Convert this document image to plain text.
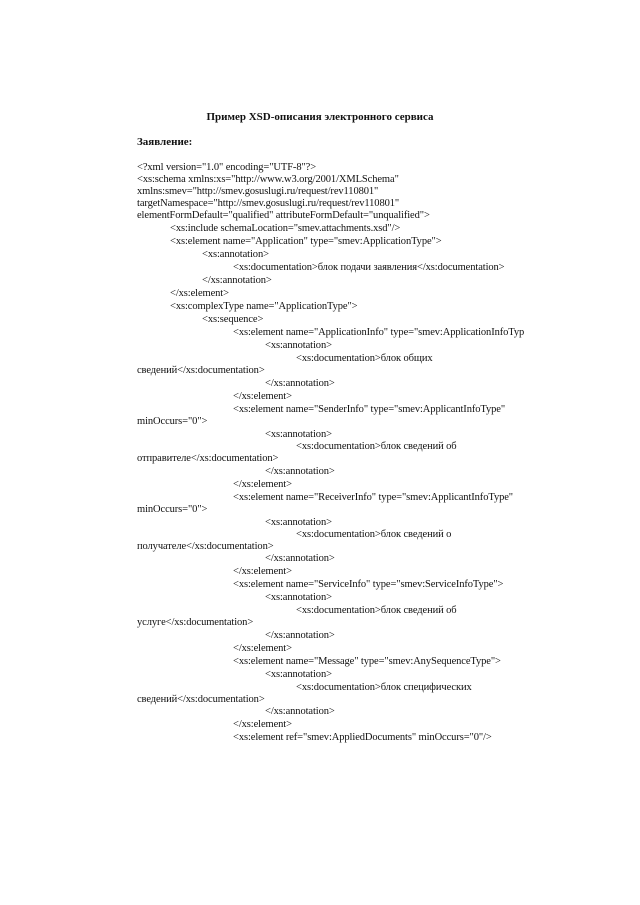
Пример XSD-описания электронного сервиса
Заявление:
<?xml version="1.0" encoding="UTF-8"?>
<xs:schema xmlns:xs="http://www.w3.org/2001/XMLSchema"
xmlns:smev="http://smev.gosuslugi.ru/request/rev110801"
targetNamespace="http://smev.gosuslugi.ru/request/rev110801"
elementFormDefault="qualified" attributeFormDefault="unqualified">
<xs:include schemaLocation="smev.attachments.xsd"/>
<xs:element name="Application" type="smev:ApplicationType">
<xs:annotation>
<xs:documentation>блок подачи заявления</xs:documentation>
</xs:annotation>
</xs:element>
<xs:complexType name="ApplicationType">
<xs:sequence>
<xs:element name="ApplicationInfo" type="smev:ApplicationInfoTyp
<xs:annotation>
<xs:documentation>блок общих
сведений</xs:documentation>
</xs:annotation>
</xs:element>
<xs:element name="SenderInfo" type="smev:ApplicantInfoType"
minOccurs="0">
<xs:annotation>
<xs:documentation>блок сведений об
отправителе</xs:documentation>
</xs:annotation>
</xs:element>
<xs:element name="ReceiverInfo" type="smev:ApplicantInfoType"
minOccurs="0">
<xs:annotation>
<xs:documentation>блок сведений о
получателе</xs:documentation>
</xs:annotation>
</xs:element>
<xs:element name="ServiceInfo" type="smev:ServiceInfoType">
<xs:annotation>
<xs:documentation>блок сведений об
услуге</xs:documentation>
</xs:annotation>
</xs:element>
<xs:element name="Message" type="smev:AnySequenceType">
<xs:annotation>
<xs:documentation>блок специфических
сведений</xs:documentation>
</xs:annotation>
</xs:element>
<xs:element ref="smev:AppliedDocuments" minOccurs="0"/>
